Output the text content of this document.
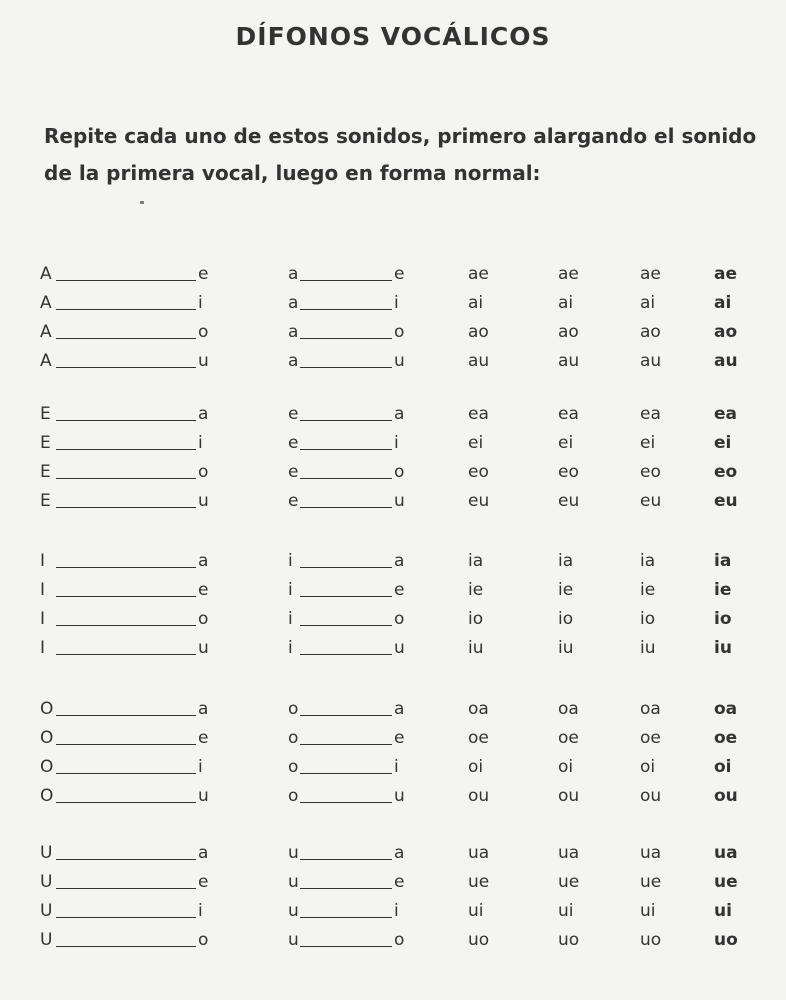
DÍFONOS VOCÁLICOS
Repite cada uno de estos sonidos, primero alargando el sonido
de la primera vocal, luego en forma normal:
A	e	a	e	ae	ae	ae	ae
A	i	a	i	ai	ai	ai	ai
A	o	a	o	ao	ao	ao	ao
A	u	a	u	au	au	au	au
E	a	e	a	ea	ea	ea	ea
E	i	e	i	ei	ei	ei	ei
E	o	e	o	eo	eo	eo	eo
E	u	e	u	eu	eu	eu	eu
I	a	i	a	ia	ia	ia	ia
I	e	i	e	ie	ie	ie	ie
I	o	i	o	io	io	io	io
I	u	i	u	iu	iu	iu	iu
O	a	o	a	oa	oa	oa	oa
O	e	o	e	oe	oe	oe	oe
O	i	o	i	oi	oi	oi	oi
O	u	o	u	ou	ou	ou	ou
U	a	u	a	ua	ua	ua	ua
U	e	u	e	ue	ue	ue	ue
U	i	u	i	ui	ui	ui	ui
U	o	u	o	uo	uo	uo	uo
